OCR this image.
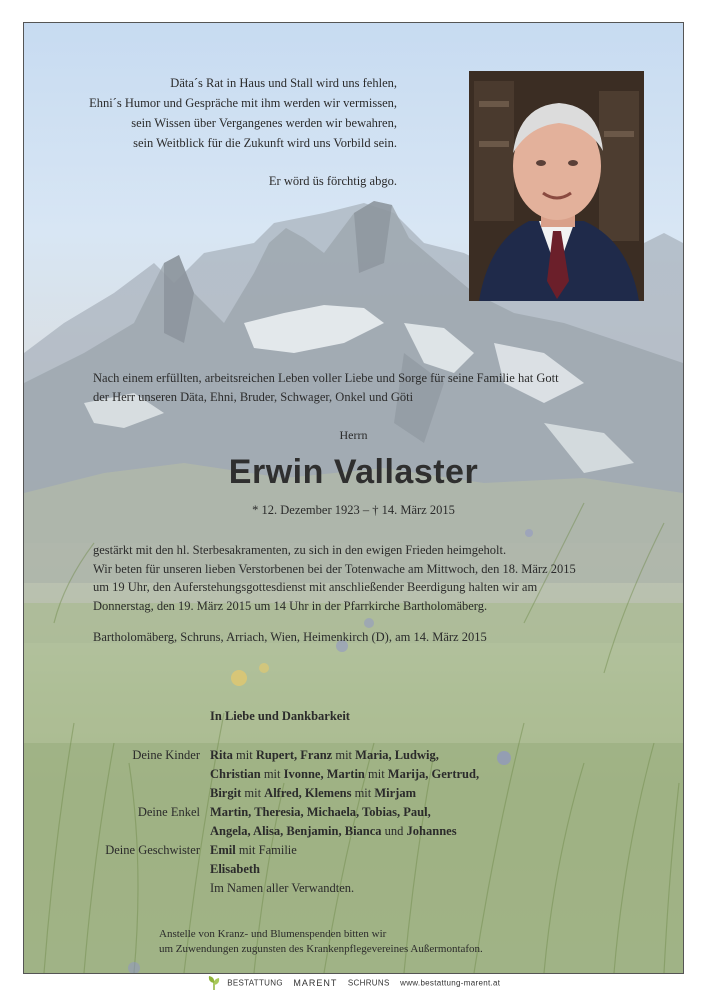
Däta´s Rat in Haus und Stall wird uns fehlen,
Ehni´s Humor und Gespräche mit ihm werden wir vermissen,
sein Wissen über Vergangenes werden wir bewahren,
sein Weitblick für die Zukunft wird uns Vorbild sein.
Er wörd üs förchtig abgo.
Nach einem erfüllten, arbeitsreichen Leben voller Liebe und Sorge für seine Familie hat Gott
der Herr unseren Däta, Ehni, Bruder, Schwager, Onkel und Göti
Herrn
Erwin Vallaster
* 12. Dezember 1923 – † 14. März 2015
gestärkt mit den hl. Sterbesakramenten, zu sich in den ewigen Frieden heimgeholt.
Wir beten für unseren lieben Verstorbenen bei der Totenwache am Mittwoch, den 18. März 2015
um 19 Uhr, den Auferstehungsgottesdienst mit anschließender Beerdigung halten wir am
Donnerstag, den 19. März 2015 um 14 Uhr in der Pfarrkirche Bartholomäberg.
Bartholomäberg, Schruns, Arriach, Wien, Heimenkirch (D), am 14. März 2015
In Liebe und Dankbarkeit
Deine Kinder Rita mit Rupert, Franz mit Maria, Ludwig,
Christian mit Ivonne, Martin mit Marija, Gertrud,
Birgit mit Alfred, Klemens mit Mirjam
Deine Enkel Martin, Theresia, Michaela, Tobias, Paul,
Angela, Alisa, Benjamin, Bianca und Johannes
Deine Geschwister Emil mit Familie
Elisabeth
Im Namen aller Verwandten.
Anstelle von Kranz- und Blumenspenden bitten wir
um Zuwendungen zugunsten des Krankenpflegevereines Außermontafon.
BESTATTUNG MARENT SCHRUNS www.bestattung-marent.at
